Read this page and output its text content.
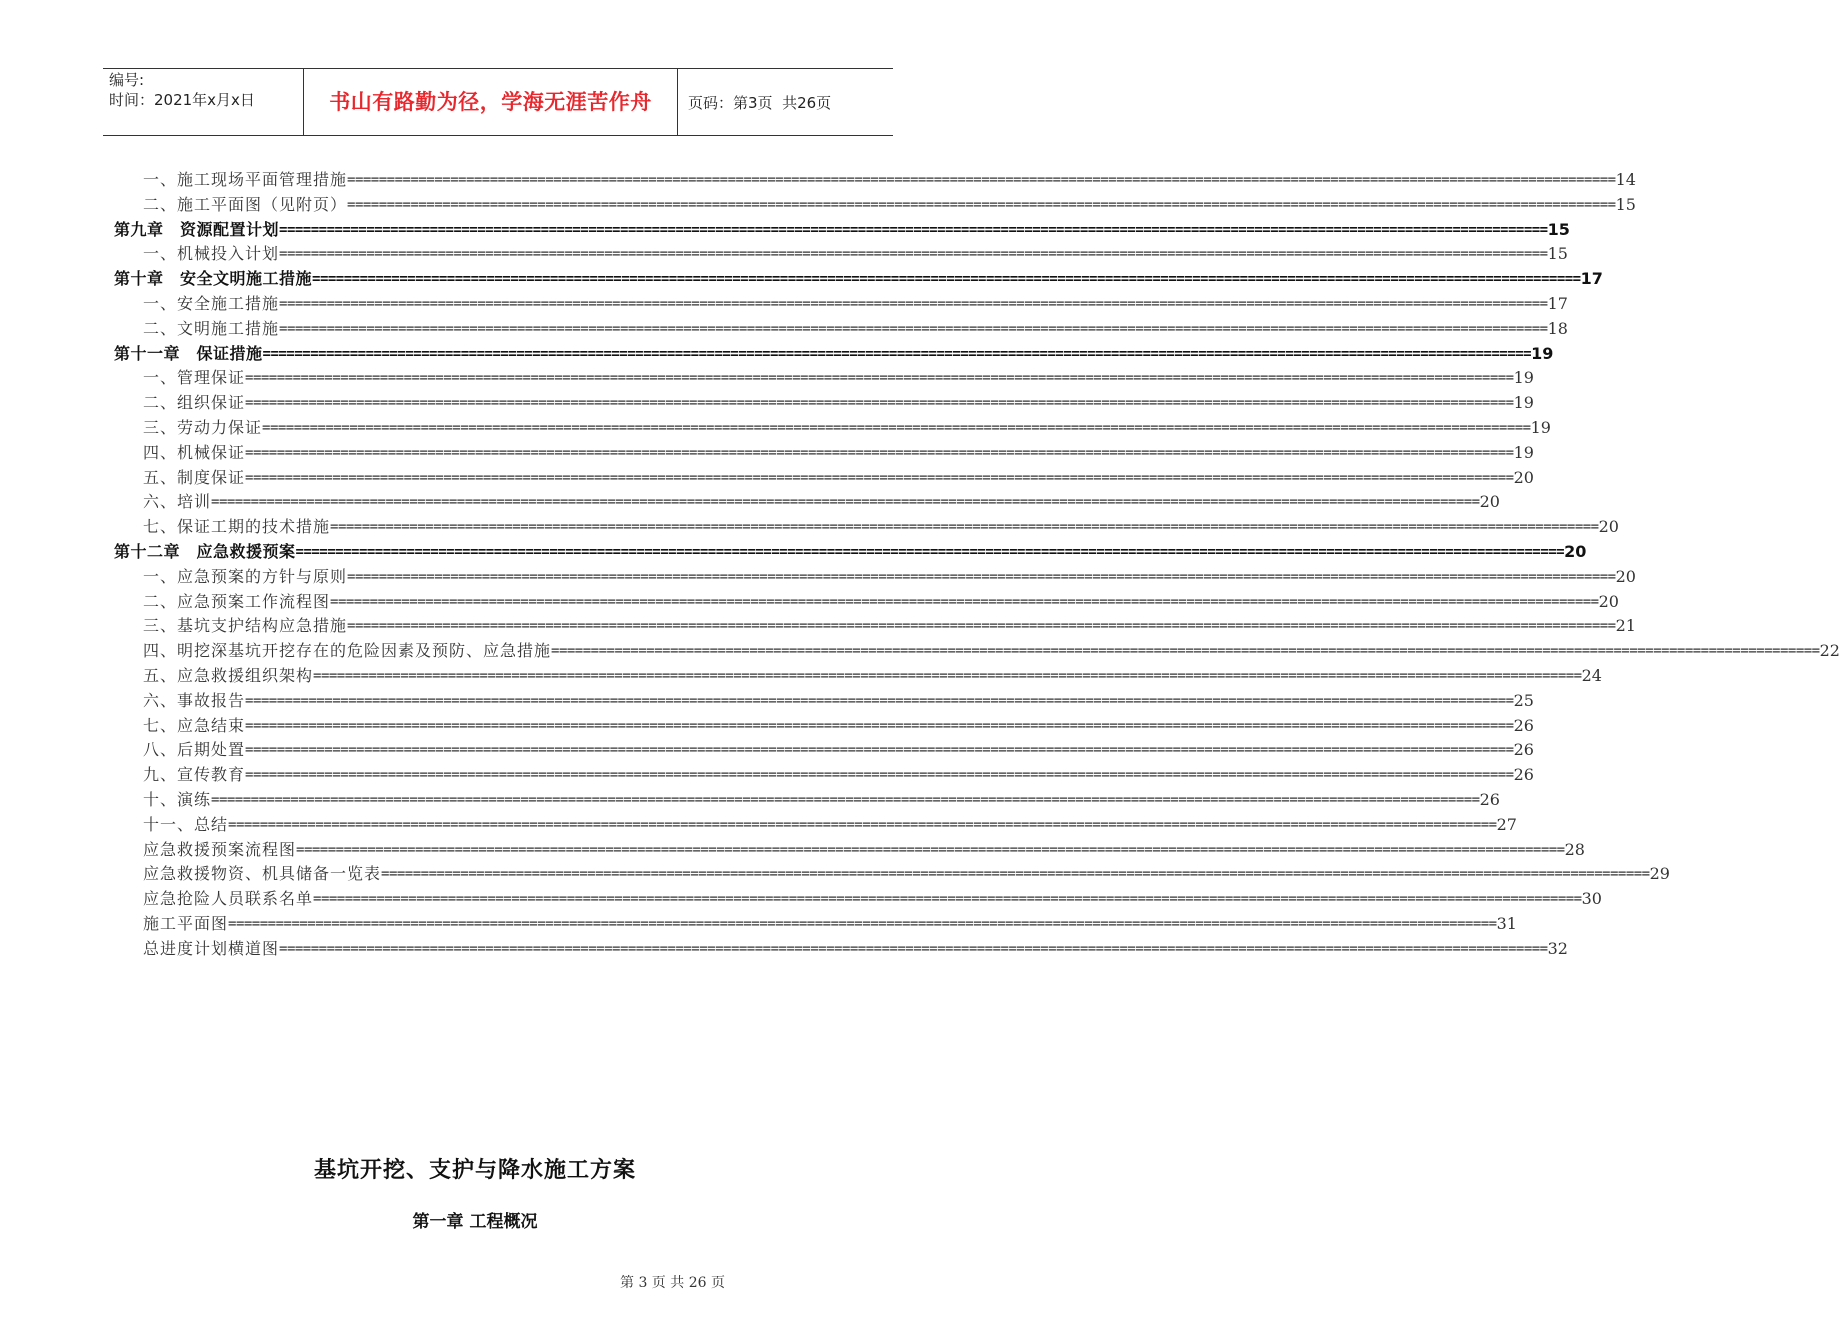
编号:
时间：2021年x月x日	书山有路勤为径，学海无涯苦作舟	页码：第3页  共26页
一、施工现场平面管理措施 ================================================================================================================================================================ 14
二、施工平面图（见附页） ================================================================================================================================================================ 15
第九章　资源配置计划 ================================================================================================================================================================ 15
一、机械投入计划 ================================================================================================================================================================ 15
第十章　安全文明施工措施 ================================================================================================================================================================ 17
一、安全施工措施 ================================================================================================================================================================ 17
二、文明施工措施 ================================================================================================================================================================ 18
第十一章　保证措施 ================================================================================================================================================================ 19
一、管理保证 ================================================================================================================================================================ 19
二、组织保证 ================================================================================================================================================================ 19
三、劳动力保证 ================================================================================================================================================================ 19
四、机械保证 ================================================================================================================================================================ 19
五、制度保证 ================================================================================================================================================================ 20
六、培训 ================================================================================================================================================================ 20
七、保证工期的技术措施 ================================================================================================================================================================ 20
第十二章　应急救援预案 ================================================================================================================================================================ 20
一、应急预案的方针与原则 ================================================================================================================================================================ 20
二、应急预案工作流程图 ================================================================================================================================================================ 20
三、基坑支护结构应急措施 ================================================================================================================================================================ 21
四、明挖深基坑开挖存在的危险因素及预防、应急措施 ================================================================================================================================================================ 22
五、应急救援组织架构 ================================================================================================================================================================ 24
六、事故报告 ================================================================================================================================================================ 25
七、应急结束 ================================================================================================================================================================ 26
八、后期处置 ================================================================================================================================================================ 26
九、宣传教育 ================================================================================================================================================================ 26
十、演练 ================================================================================================================================================================ 26
十一、总结 ================================================================================================================================================================ 27
应急救援预案流程图 ================================================================================================================================================================ 28
应急救援物资、机具储备一览表 ================================================================================================================================================================ 29
应急抢险人员联系名单 ================================================================================================================================================================ 30
施工平面图 ================================================================================================================================================================ 31
总进度计划横道图 ================================================================================================================================================================ 32
基坑开挖、支护与降水施工方案
第一章 工程概况
第 3 页 共 26 页
